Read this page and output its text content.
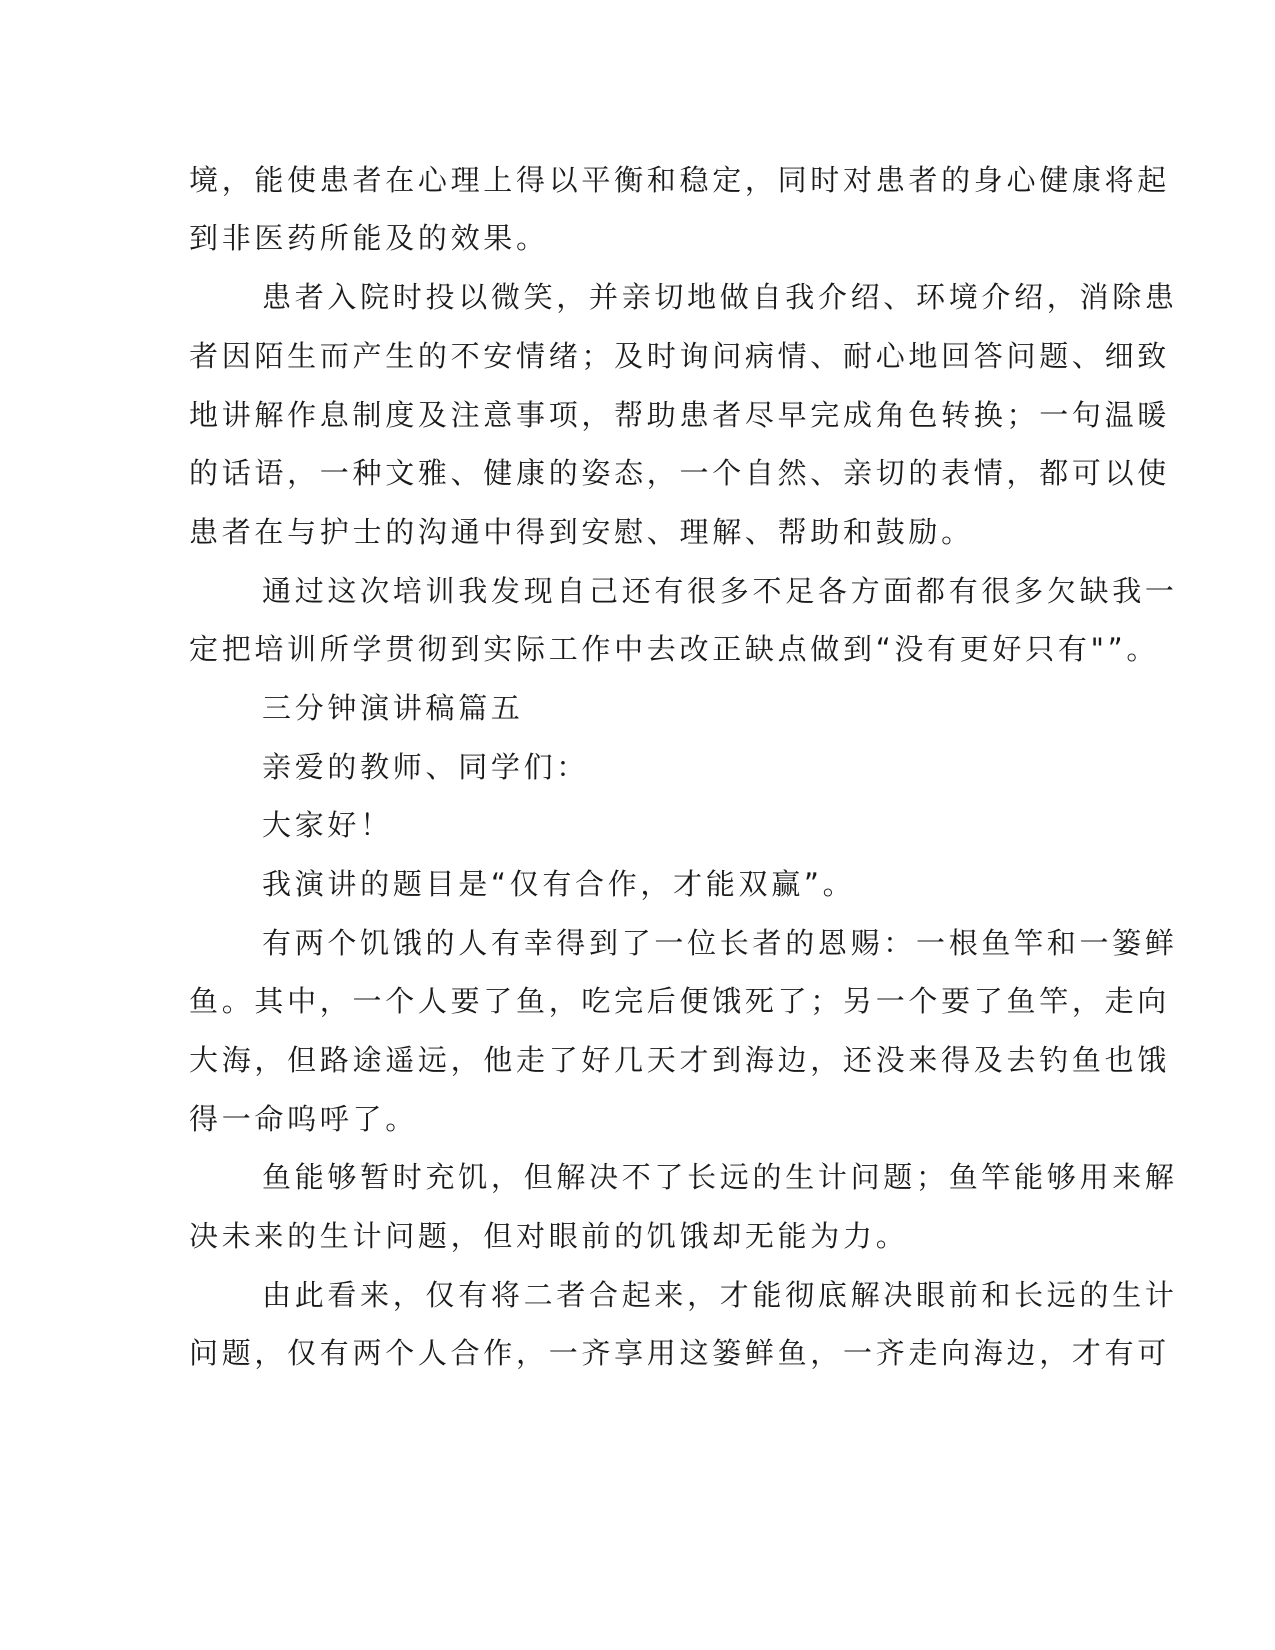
境，能使患者在心理上得以平衡和稳定，同时对患者的身心健康将起
到非医药所能及的效果。
患者入院时投以微笑，并亲切地做自我介绍、环境介绍，消除患
者因陌生而产生的不安情绪；及时询问病情、耐心地回答问题、细致
地讲解作息制度及注意事项，帮助患者尽早完成角色转换；一句温暖
的话语，一种文雅、健康的姿态，一个自然、亲切的表情，都可以使
患者在与护士的沟通中得到安慰、理解、帮助和鼓励。
通过这次培训我发现自己还有很多不足各方面都有很多欠缺我一
定把培训所学贯彻到实际工作中去改正缺点做到“没有更好只有"”。
三分钟演讲稿篇五
亲爱的教师、同学们：
大家好！
我演讲的题目是“仅有合作，才能双赢”。
有两个饥饿的人有幸得到了一位长者的恩赐：一根鱼竿和一篓鲜
鱼。其中，一个人要了鱼，吃完后便饿死了；另一个要了鱼竿，走向
大海，但路途遥远，他走了好几天才到海边，还没来得及去钓鱼也饿
得一命呜呼了。
鱼能够暂时充饥，但解决不了长远的生计问题；鱼竿能够用来解
决未来的生计问题，但对眼前的饥饿却无能为力。
由此看来，仅有将二者合起来，才能彻底解决眼前和长远的生计
问题，仅有两个人合作，一齐享用这篓鲜鱼，一齐走向海边，才有可
